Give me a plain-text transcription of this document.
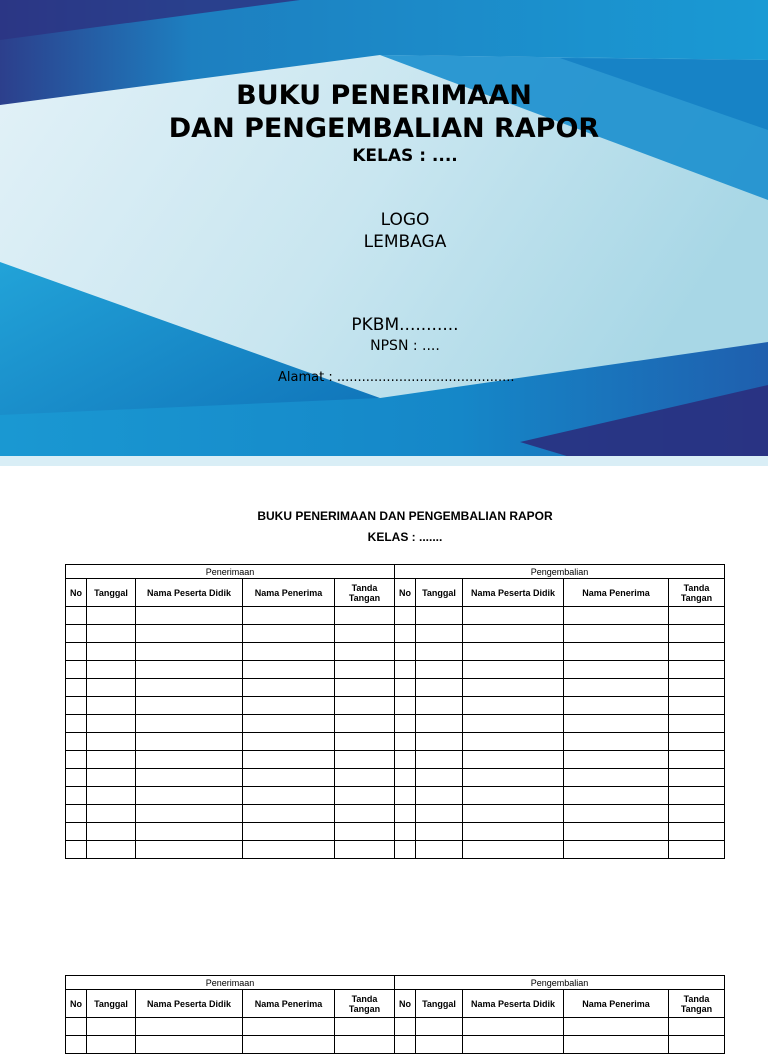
BUKU PENERIMAAN
DAN PENGEMBALIAN RAPOR
KELAS : ....
LOGO
LEMBAGA
PKBM...........
NPSN : ....
Alamat : ...........................................
BUKU PENERIMAAN DAN PENGEMBALIAN RAPOR
KELAS : .......
Penerimaan					Pengembalian				
No	Tanggal	Nama Peserta Didik	Nama Penerima	Tanda Tangan	No	Tanggal	Nama Peserta Didik	Nama Penerima	Tanda Tangan

Penerimaan					Pengembalian				
No	Tanggal	Nama Peserta Didik	Nama Penerima	Tanda Tangan	No	Tanggal	Nama Peserta Didik	Nama Penerima	Tanda Tangan
